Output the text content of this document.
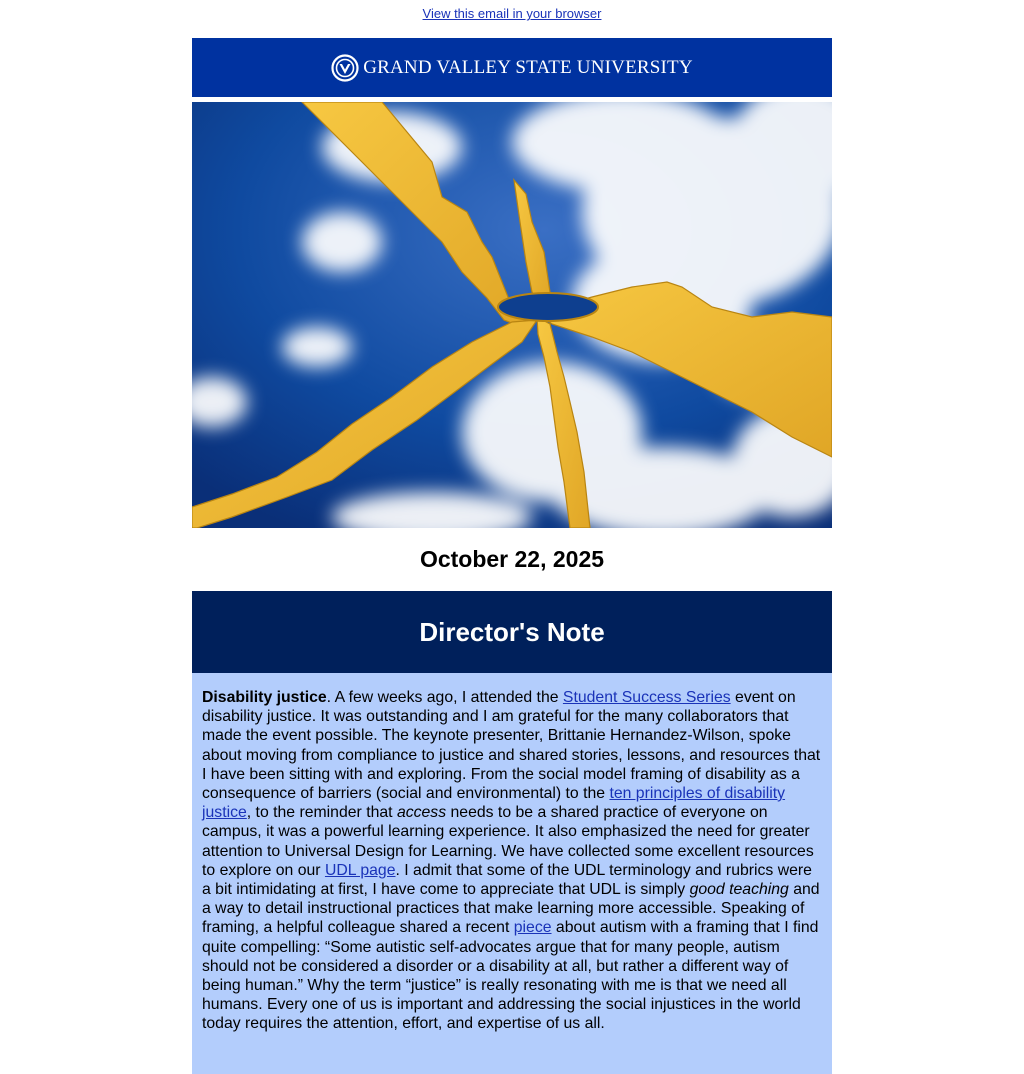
View this email in your browser
GRAND VALLEY STATE UNIVERSITY
October 22, 2025
Director's Note

Disability justice. A few weeks ago, I attended the Student Success Series event on disability justice. It was outstanding and I am grateful for the many collaborators that made the event possible. The keynote presenter, Brittanie Hernandez-Wilson, spoke about moving from compliance to justice and shared stories, lessons, and resources that I have been sitting with and exploring. From the social model framing of disability as a consequence of barriers (social and environmental) to the ten principles of disability justice, to the reminder that access needs to be a shared practice of everyone on campus, it was a powerful learning experience. It also emphasized the need for greater attention to Universal Design for Learning. We have collected some excellent resources to explore on our UDL page. I admit that some of the UDL terminology and rubrics were a bit intimidating at first, I have come to appreciate that UDL is simply good teaching and a way to detail instructional practices that make learning more accessible. Speaking of framing, a helpful colleague shared a recent piece about autism with a framing that I find quite compelling: “Some autistic self-advocates argue that for many people, autism should not be considered a disorder or a disability at all, but rather a different way of being human.” Why the term “justice” is really resonating with me is that we need all humans. Every one of us is important and addressing the social injustices in the world today requires the attention, effort, and expertise of us all.
